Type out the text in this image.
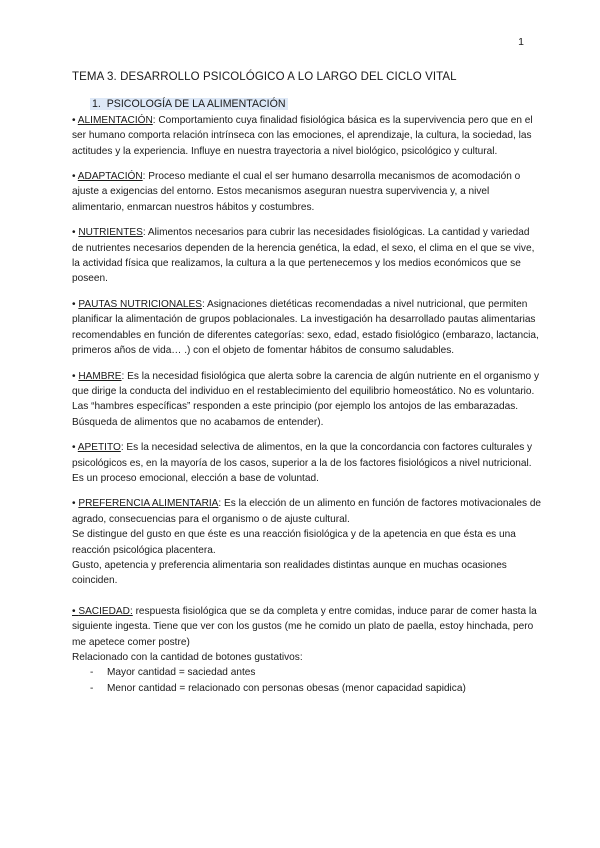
1
TEMA 3. DESARROLLO PSICOLÓGICO A LO LARGO DEL CICLO VITAL
1. PSICOLOGÍA DE LA ALIMENTACIÓN

• ALIMENTACIÓN: Comportamiento cuya finalidad fisiológica básica es la supervivencia pero que en el ser humano comporta relación intrínseca con las emociones, el aprendizaje, la cultura, la sociedad, las actitudes y la experiencia. Influye en nuestra trayectoria a nivel biológico, psicológico y cultural.

• ADAPTACIÓN: Proceso mediante el cual el ser humano desarrolla mecanismos de acomodación o ajuste a exigencias del entorno. Estos mecanismos aseguran nuestra supervivencia y, a nivel alimentario, enmarcan nuestros hábitos y costumbres.

• NUTRIENTES: Alimentos necesarios para cubrir las necesidades fisiológicas. La cantidad y variedad de nutrientes necesarios dependen de la herencia genética, la edad, el sexo, el clima en el que se vive, la actividad física que realizamos, la cultura a la que pertenecemos y los medios económicos que se poseen.

• PAUTAS NUTRICIONALES: Asignaciones dietéticas recomendadas a nivel nutricional, que permiten planificar la alimentación de grupos poblacionales. La investigación ha desarrollado pautas alimentarias recomendables en función de diferentes categorías: sexo, edad, estado fisiológico (embarazo, lactancia, primeros años de vida… .) con el objeto de fomentar hábitos de consumo saludables.

• HAMBRE: Es la necesidad fisiológica que alerta sobre la carencia de algún nutriente en el organismo y que dirige la conducta del individuo en el restablecimiento del equilibrio homeostático. No es voluntario. Las “hambres específicas” responden a este principio (por ejemplo los antojos de las embarazadas. Búsqueda de alimentos que no acabamos de entender).

• APETITO: Es la necesidad selectiva de alimentos, en la que la concordancia con factores culturales y psicológicos es, en la mayoría de los casos, superior a la de los factores fisiológicos a nivel nutricional. Es un proceso emocional, elección a base de voluntad.

• PREFERENCIA ALIMENTARIA: Es la elección de un alimento en función de factores motivacionales de agrado, consecuencias para el organismo o de ajuste cultural.

Se distingue del gusto en que éste es una reacción fisiológica y de la apetencia en que ésta es una reacción psicológica placentera.

Gusto, apetencia y preferencia alimentaria son realidades distintas aunque en muchas ocasiones coinciden.

• SACIEDAD: respuesta fisiológica que se da completa y entre comidas, induce parar de comer hasta la siguiente ingesta. Tiene que ver con los gustos (me he comido un plato de paella, estoy hinchada, pero me apetece comer postre)

Relacionado con la cantidad de botones gustativos:

- Mayor cantidad = saciedad antes
- Menor cantidad = relacionado con personas obesas (menor capacidad sapidica)
